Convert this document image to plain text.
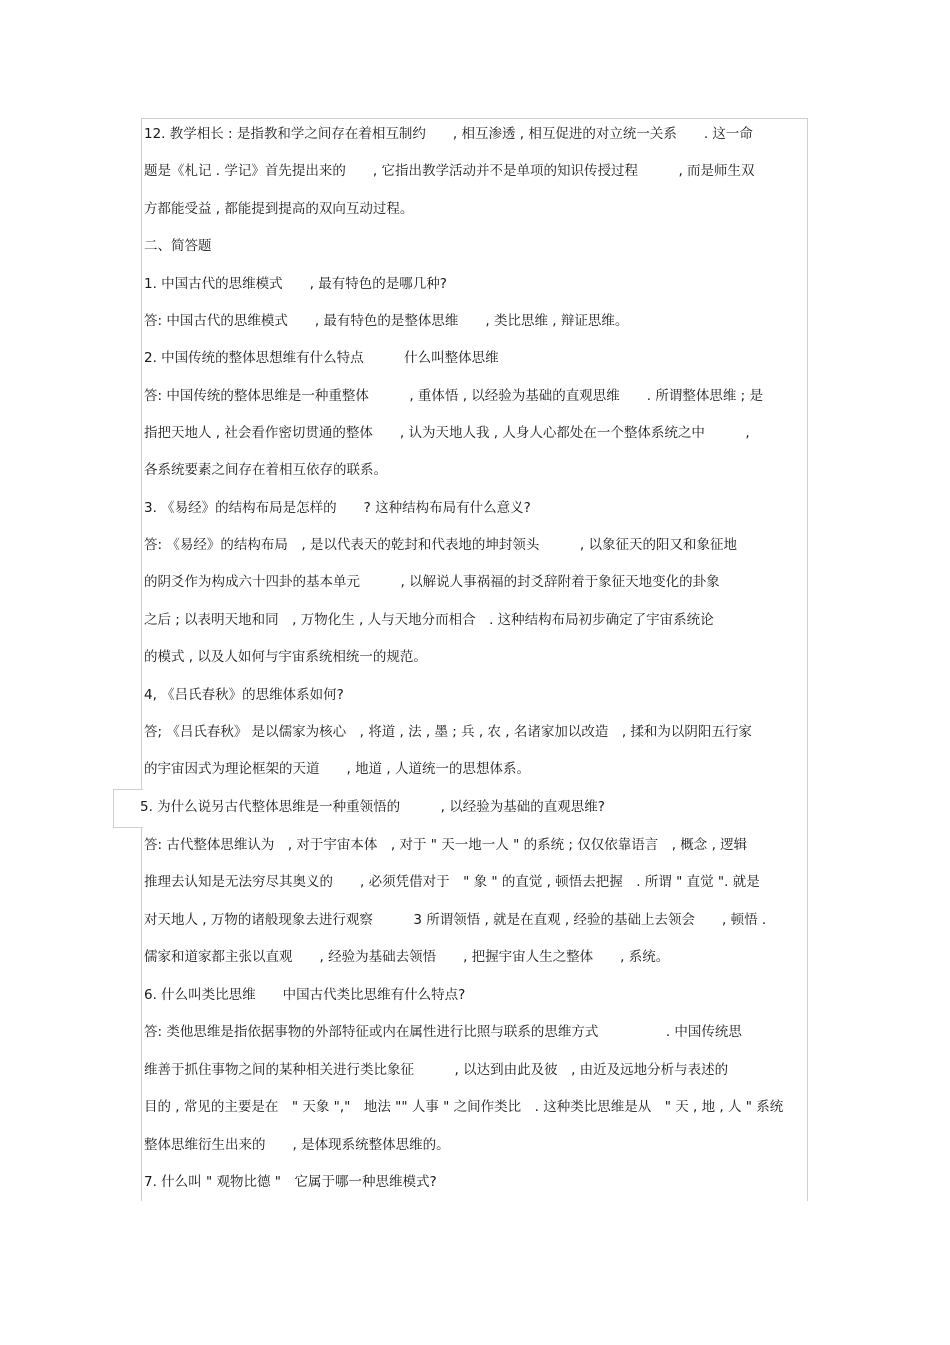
12. 教学相长 : 是指教和学之间存在着相互制约　　, 相互渗透 , 相互促进的对立统一关系　　. 这一命
题是《札记 . 学记》首先提出来的　　, 它指出教学活动并不是单项的知识传授过程　　　, 而是师生双
方都能受益 , 都能提到提高的双向互动过程。
二、简答题
1. 中国古代的思维模式　　, 最有特色的是哪几种?
答: 中国古代的思维模式　　, 最有特色的是整体思维　　, 类比思维 , 辩证思维。
2. 中国传统的整体思想维有什么特点　　　什么叫整体思维
答: 中国传统的整体思维是一种重整体　　　, 重体悟 , 以经验为基础的直观思维　　. 所谓整体思维 ; 是
指把天地人 , 社会看作密切贯通的整体　　, 认为天地人我 , 人身人心都处在一个整体系统之中　　　,
各系统要素之间存在着相互依存的联系。
3. 《易经》的结构布局是怎样的　　? 这种结构布局有什么意义?
答: 《易经》的结构布局　, 是以代表天的乾封和代表地的坤封领头　　　, 以象征天的阳又和象征地
的阴爻作为构成六十四卦的基本单元　　　, 以解说人事祸福的封爻辞附着于象征天地变化的卦象
之后 ; 以表明天地和同　, 万物化生 , 人与天地分而相合　. 这种结构布局初步确定了宇宙系统论
的模式 , 以及人如何与宇宙系统相统一的规范。
4, 《吕氏春秋》的思维体系如何?
答; 《吕氏春秋》 是以儒家为核心　, 将道 , 法 , 墨 ; 兵 , 农 , 名诸家加以改造　, 揉和为以阴阳五行家
的宇宙因式为理论框架的天道　　, 地道 , 人道统一的思想体系。
5. 为什么说另古代整体思维是一种重领悟的　　　, 以经验为基础的直观思维?
答: 古代整体思维认为　, 对于宇宙本体　, 对于 " 天一地一人 " 的系统 ; 仅仅依靠语言　, 概念 , 逻辑
推理去认知是无法穷尽其奥义的　　, 必须凭借对于　" 象 " 的直觉 , 顿悟去把握　. 所谓 " 直觉 ". 就是
对天地人 , 万物的诸般现象去进行观察　　　3 所谓领悟 , 就是在直观 , 经验的基础上去领会　　, 顿悟 .
儒家和道家都主张以直观　　, 经验为基础去领悟　　, 把握宇宙人生之整体　　, 系统。
6. 什么叫类比思维　　中国古代类比思维有什么特点?
答: 类他思维是指依据事物的外部特征或内在属性进行比照与联系的思维方式　　　　　. 中国传统思
维善于抓住事物之间的某种相关进行类比象征　　　, 以达到由此及彼　, 由近及远地分析与表述的
目的 , 常见的主要是在　" 天象 ","　地法 "" 人事 " 之间作类比　. 这种类比思维是从　" 天 , 地 , 人 " 系统
整体思维衍生出来的　　, 是体现系统整体思维的。
7. 什么叫 " 观物比德 "　它属于哪一种思维模式?
